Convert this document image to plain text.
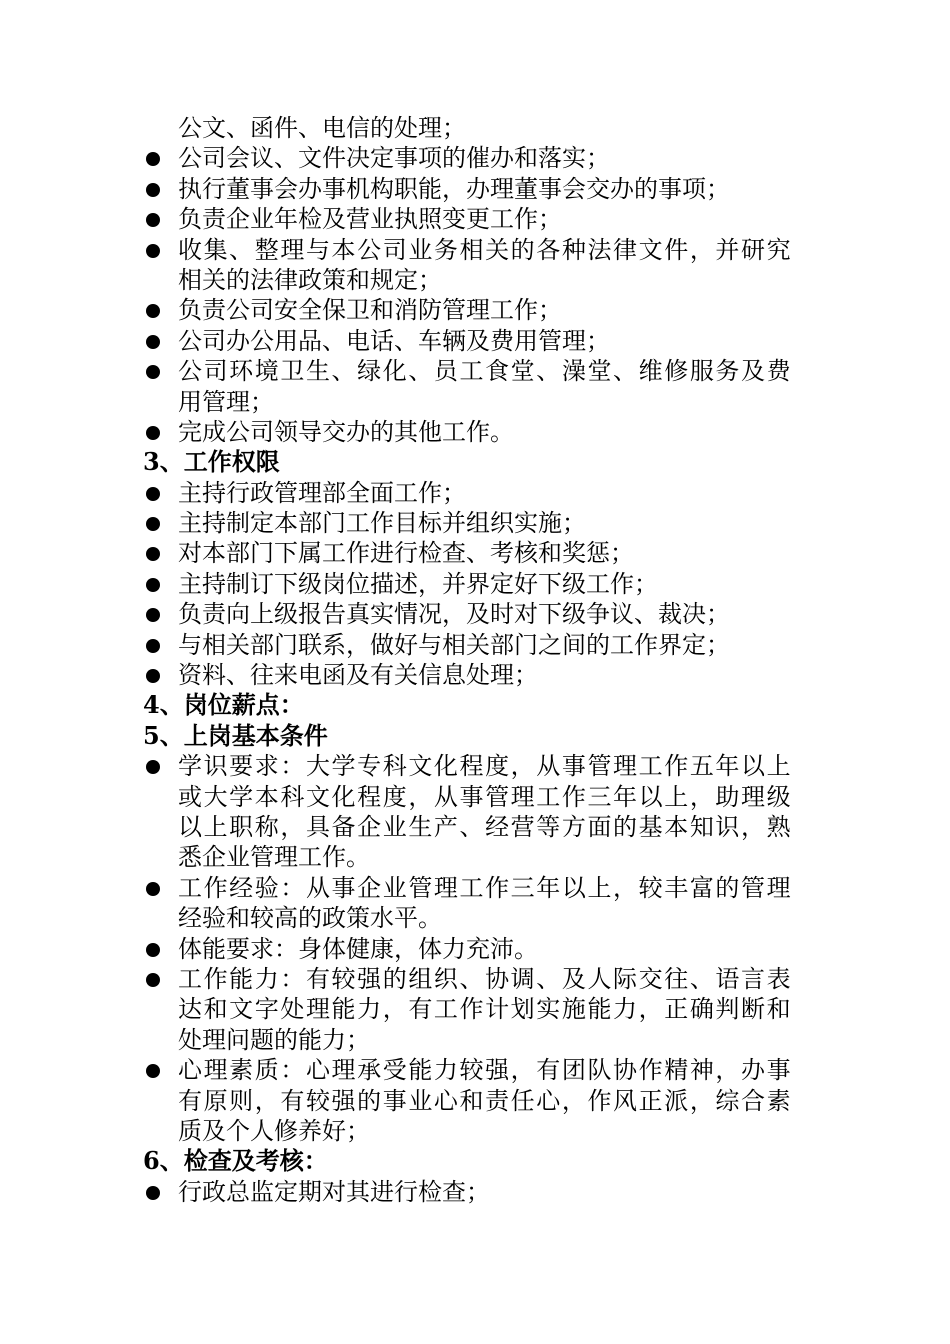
公文、函件、电信的处理；
公司会议、文件决定事项的催办和落实；
执行董事会办事机构职能，办理董事会交办的事项；
负责企业年检及营业执照变更工作；
收集、整理与本公司业务相关的各种法律文件，并研究
相关的法律政策和规定；
负责公司安全保卫和消防管理工作；
公司办公用品、电话、车辆及费用管理；
公司环境卫生、绿化、员工食堂、澡堂、维修服务及费
用管理；
完成公司领导交办的其他工作。
3、工作权限
主持行政管理部全面工作；
主持制定本部门工作目标并组织实施；
对本部门下属工作进行检查、考核和奖惩；
主持制订下级岗位描述，并界定好下级工作；
负责向上级报告真实情况，及时对下级争议、裁决；
与相关部门联系，做好与相关部门之间的工作界定；
资料、往来电函及有关信息处理；
4、岗位薪点：
5、上岗基本条件
学识要求：大学专科文化程度，从事管理工作五年以上
或大学本科文化程度，从事管理工作三年以上，助理级
以上职称，具备企业生产、经营等方面的基本知识，熟
悉企业管理工作。
工作经验：从事企业管理工作三年以上，较丰富的管理
经验和较高的政策水平。
体能要求：身体健康，体力充沛。
工作能力：有较强的组织、协调、及人际交往、语言表
达和文字处理能力，有工作计划实施能力，正确判断和
处理问题的能力；
心理素质：心理承受能力较强，有团队协作精神，办事
有原则，有较强的事业心和责任心，作风正派，综合素
质及个人修养好；
6、检查及考核：
行政总监定期对其进行检查；
